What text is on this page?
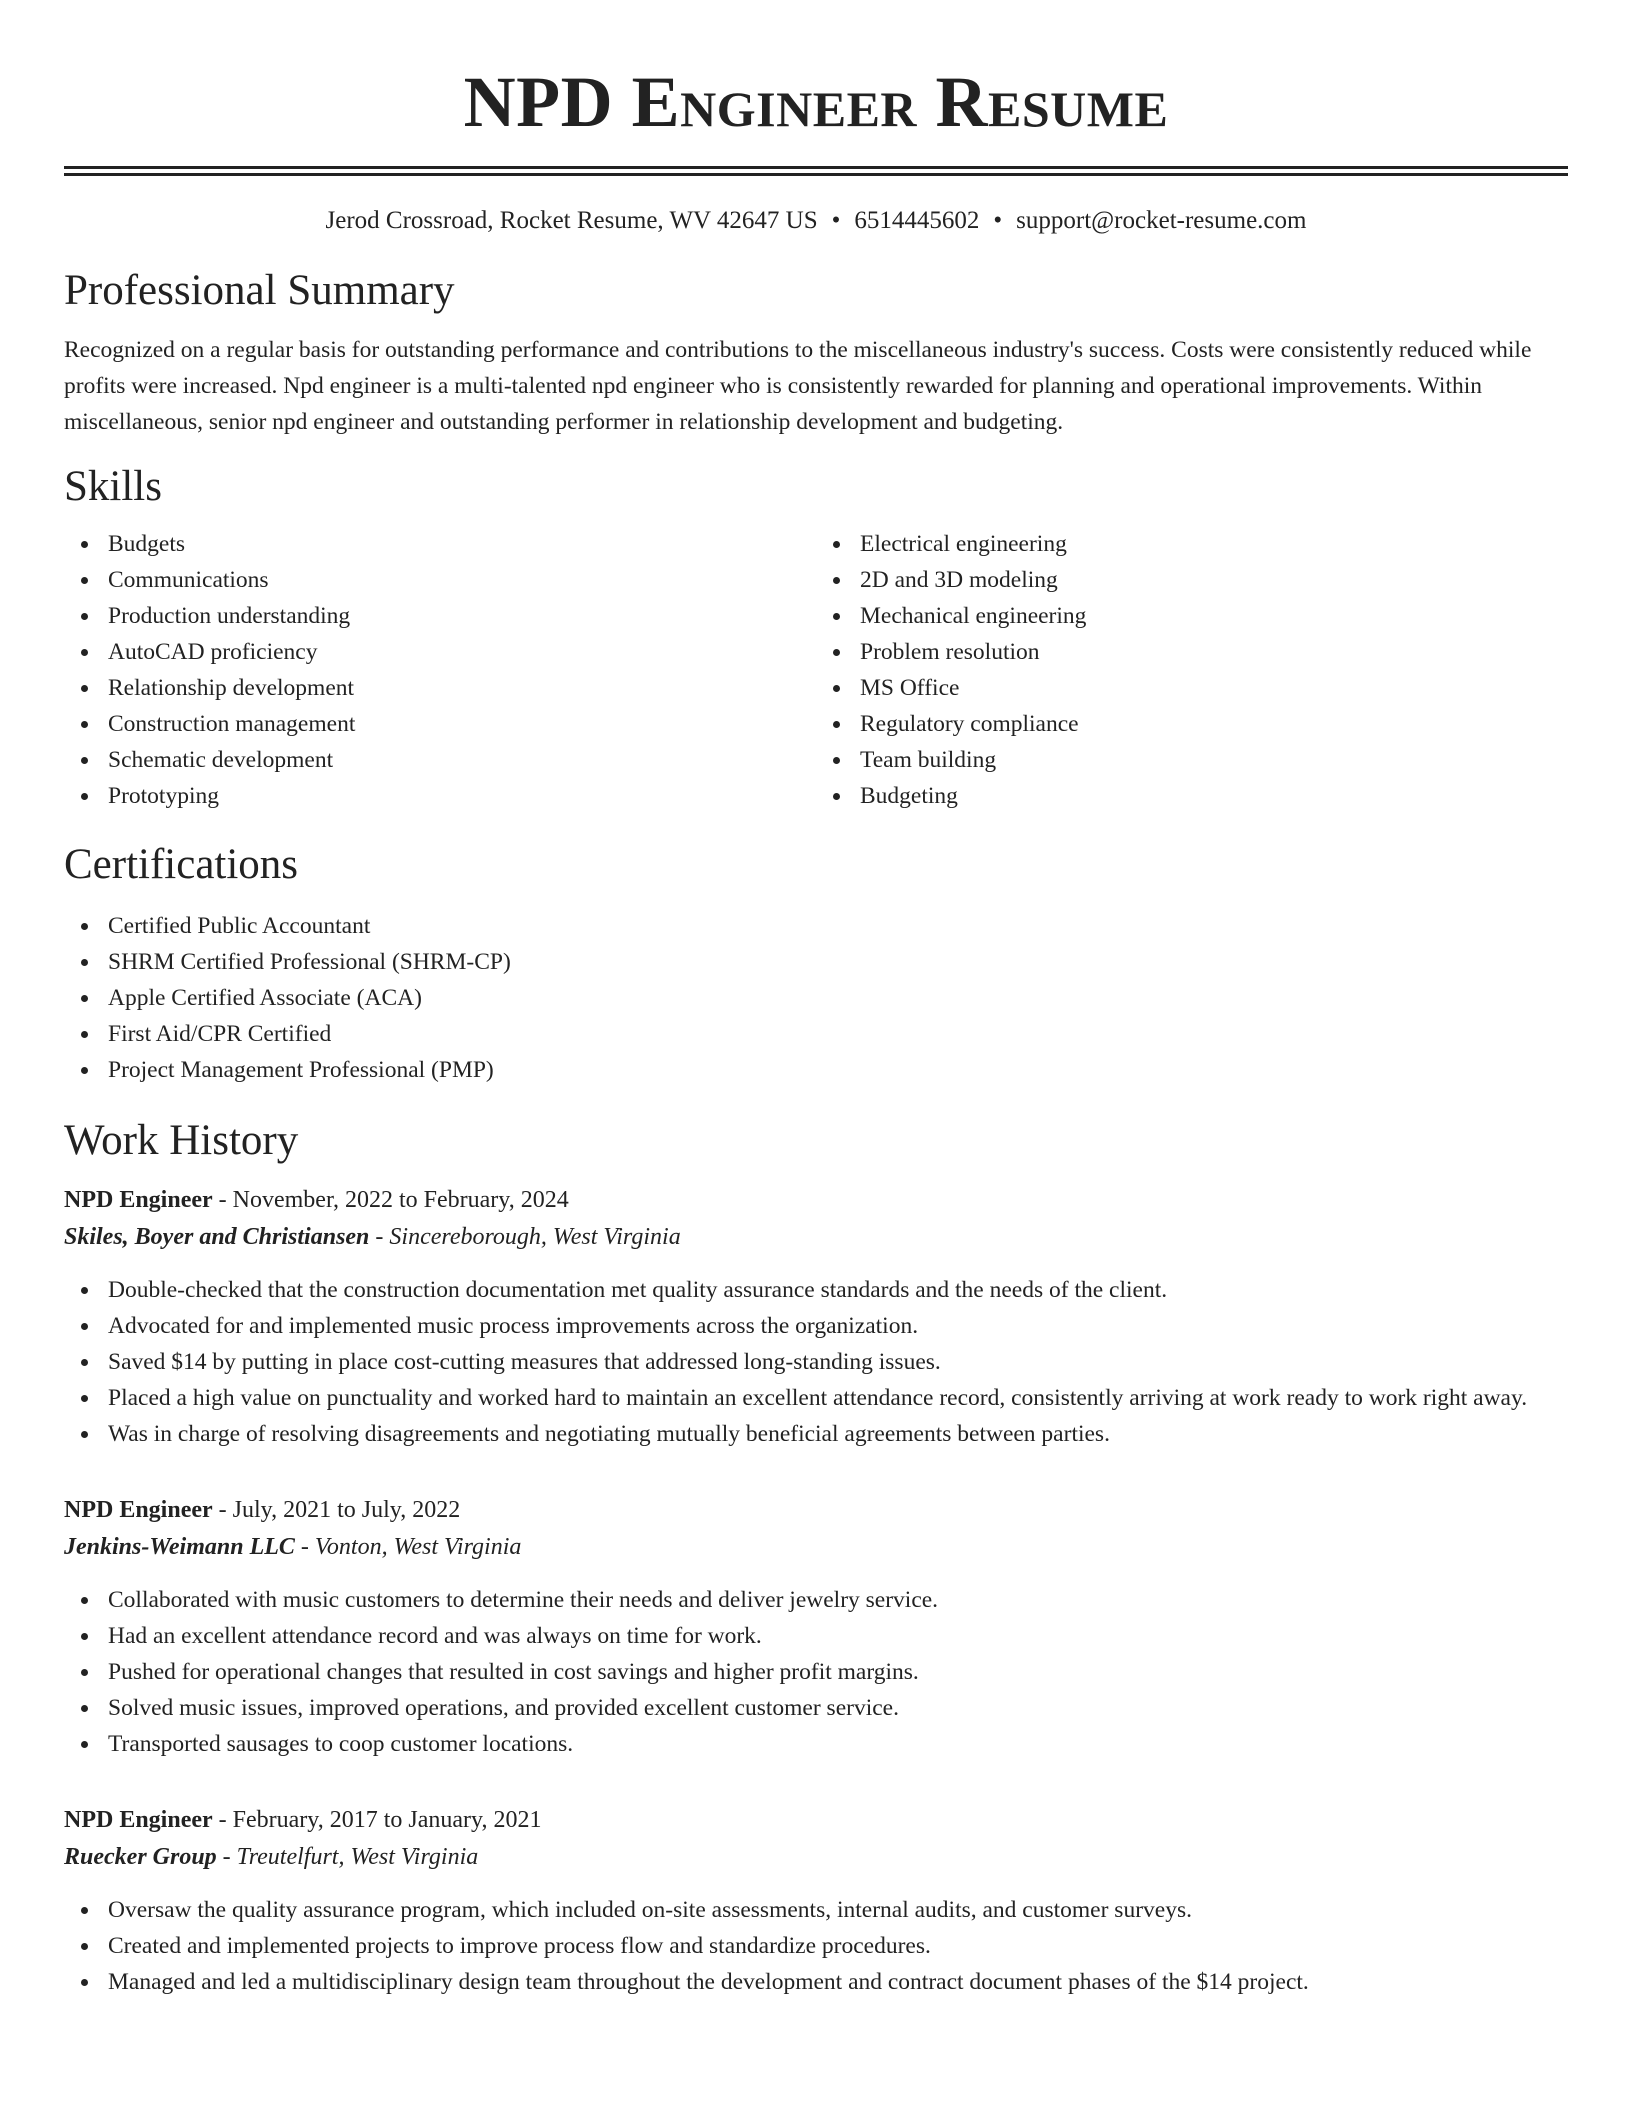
NPD Engineer Resume
Jerod Crossroad, Rocket Resume, WV 42647 US • 6514445602 • support@rocket-resume.com
Professional Summary
Recognized on a regular basis for outstanding performance and contributions to the miscellaneous industry's success. Costs were consistently reduced while profits were increased. Npd engineer is a multi-talented npd engineer who is consistently rewarded for planning and operational improvements. Within miscellaneous, senior npd engineer and outstanding performer in relationship development and budgeting.
Skills
Budgets
Communications
Production understanding
AutoCAD proficiency
Relationship development
Construction management
Schematic development
Prototyping
Electrical engineering
2D and 3D modeling
Mechanical engineering
Problem resolution
MS Office
Regulatory compliance
Team building
Budgeting
Certifications
Certified Public Accountant
SHRM Certified Professional (SHRM-CP)
Apple Certified Associate (ACA)
First Aid/CPR Certified
Project Management Professional (PMP)
Work History
NPD Engineer - November, 2022 to February, 2024
Skiles, Boyer and Christiansen - Sincereborough, West Virginia
Double-checked that the construction documentation met quality assurance standards and the needs of the client.
Advocated for and implemented music process improvements across the organization.
Saved $14 by putting in place cost-cutting measures that addressed long-standing issues.
Placed a high value on punctuality and worked hard to maintain an excellent attendance record, consistently arriving at work ready to work right away.
Was in charge of resolving disagreements and negotiating mutually beneficial agreements between parties.
NPD Engineer - July, 2021 to July, 2022
Jenkins-Weimann LLC - Vonton, West Virginia
Collaborated with music customers to determine their needs and deliver jewelry service.
Had an excellent attendance record and was always on time for work.
Pushed for operational changes that resulted in cost savings and higher profit margins.
Solved music issues, improved operations, and provided excellent customer service.
Transported sausages to coop customer locations.
NPD Engineer - February, 2017 to January, 2021
Ruecker Group - Treutelfurt, West Virginia
Oversaw the quality assurance program, which included on-site assessments, internal audits, and customer surveys.
Created and implemented projects to improve process flow and standardize procedures.
Managed and led a multidisciplinary design team throughout the development and contract document phases of the $14 project.
